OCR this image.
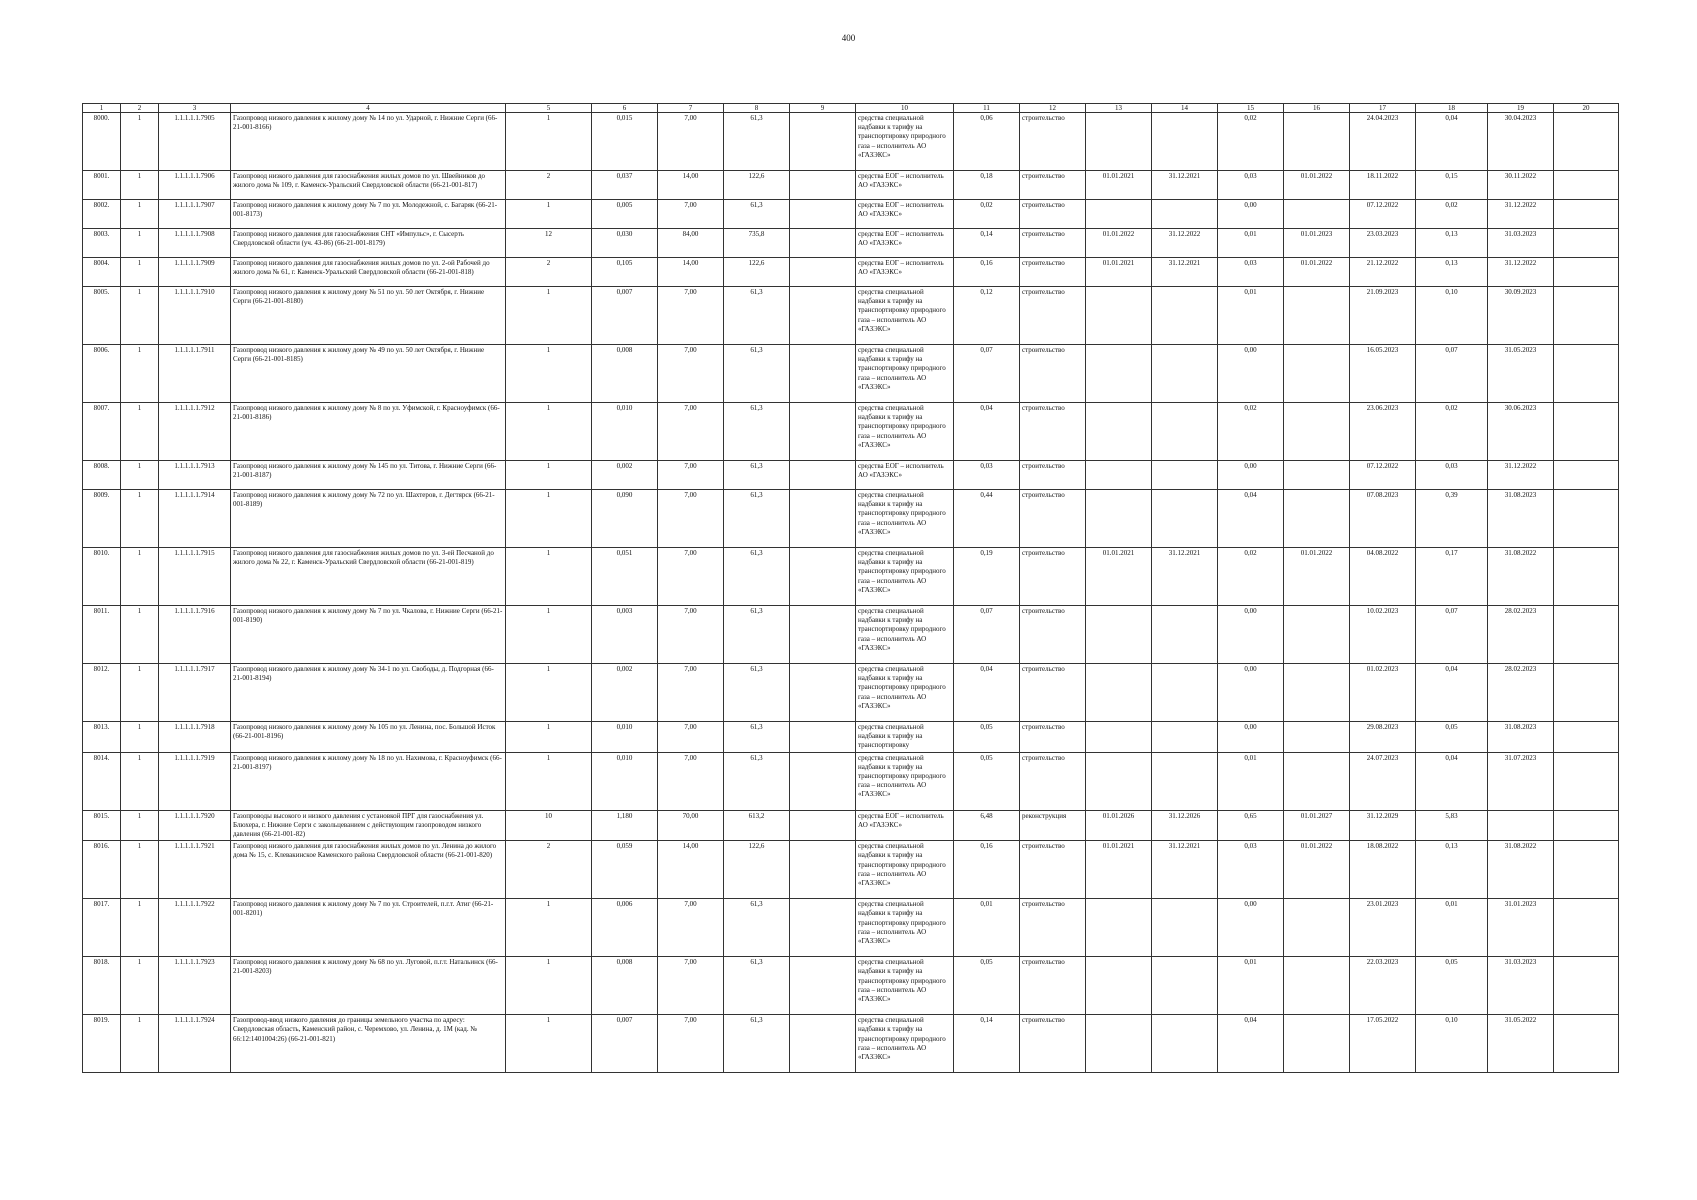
400
1	2	3	4	5	6	7	8	9	10	11	12	13	14	15	16	17	18	19	20
8000.	1	1.1.1.1.1.7905	Газопровод низкого давления к жилому дому № 14 по ул. Ударной, г. Нижние Серги (66-21-001-8166)	1	0,015	7,00	61,3		средства специальной надбавки к тарифу на транспортировку природного газа – исполнитель АО «ГАЗЭКС»	0,06	строительство			0,02		24.04.2023	0,04	30.04.2023	
8001.	1	1.1.1.1.1.7906	Газопровод низкого давления для газоснабжения жилых домов по ул. Швейников до жилого дома № 109, г. Каменск-Уральский Свердловской области (66-21-001-817)	2	0,037	14,00	122,6		средства ЕОГ – исполнитель АО «ГАЗЭКС»	0,18	строительство	01.01.2021	31.12.2021	0,03	01.01.2022	18.11.2022	0,15	30.11.2022	
8002.	1	1.1.1.1.1.7907	Газопровод низкого давления к жилому дому № 7 по ул. Молодежной, с. Багаряк (66-21-001-8173)	1	0,005	7,00	61,3		средства ЕОГ – исполнитель АО «ГАЗЭКС»	0,02	строительство			0,00		07.12.2022	0,02	31.12.2022	
8003.	1	1.1.1.1.1.7908	Газопровод низкого давления для газоснабжения СНТ «Импульс», г. Сысерть Свердловской области (уч. 43-86) (66-21-001-8179)	12	0,030	84,00	735,8		средства ЕОГ – исполнитель АО «ГАЗЭКС»	0,14	строительство	01.01.2022	31.12.2022	0,01	01.01.2023	23.03.2023	0,13	31.03.2023	
8004.	1	1.1.1.1.1.7909	Газопровод низкого давления для газоснабжения жилых домов по ул. 2-ой Рабочей до жилого дома № 61, г. Каменск-Уральский Свердловской области (66-21-001-818)	2	0,105	14,00	122,6		средства ЕОГ – исполнитель АО «ГАЗЭКС»	0,16	строительство	01.01.2021	31.12.2021	0,03	01.01.2022	21.12.2022	0,13	31.12.2022	
8005.	1	1.1.1.1.1.7910	Газопровод низкого давления к жилому дому № 51 по ул. 50 лет Октября, г. Нижние Серги (66-21-001-8180)	1	0,007	7,00	61,3		средства специальной надбавки к тарифу на транспортировку природного газа – исполнитель АО «ГАЗЭКС»	0,12	строительство			0,01		21.09.2023	0,10	30.09.2023	
8006.	1	1.1.1.1.1.7911	Газопровод низкого давления к жилому дому № 49 по ул. 50 лет Октября, г. Нижние Серги (66-21-001-8185)	1	0,008	7,00	61,3		средства специальной надбавки к тарифу на транспортировку природного газа – исполнитель АО «ГАЗЭКС»	0,07	строительство			0,00		16.05.2023	0,07	31.05.2023	
8007.	1	1.1.1.1.1.7912	Газопровод низкого давления к жилому дому № 8 по ул. Уфимской, г. Красноуфимск (66-21-001-8186)	1	0,010	7,00	61,3		средства специальной надбавки к тарифу на транспортировку природного газа – исполнитель АО «ГАЗЭКС»	0,04	строительство			0,02		23.06.2023	0,02	30.06.2023	
8008.	1	1.1.1.1.1.7913	Газопровод низкого давления к жилому дому № 145 по ул. Титова, г. Нижние Серги (66-21-001-8187)	1	0,002	7,00	61,3		средства ЕОГ – исполнитель АО «ГАЗЭКС»	0,03	строительство			0,00		07.12.2022	0,03	31.12.2022	
8009.	1	1.1.1.1.1.7914	Газопровод низкого давления к жилому дому № 72 по ул. Шахтеров, г. Дегтярск (66-21-001-8189)	1	0,090	7,00	61,3		средства специальной надбавки к тарифу на транспортировку природного газа – исполнитель АО «ГАЗЭКС»	0,44	строительство			0,04		07.08.2023	0,39	31.08.2023	
8010.	1	1.1.1.1.1.7915	Газопровод низкого давления для газоснабжения жилых домов по ул. 3-ей Песчаной до жилого дома № 22, г. Каменск-Уральский Свердловской области (66-21-001-819)	1	0,051	7,00	61,3		средства специальной надбавки к тарифу на транспортировку природного газа – исполнитель АО «ГАЗЭКС»	0,19	строительство	01.01.2021	31.12.2021	0,02	01.01.2022	04.08.2022	0,17	31.08.2022	
8011.	1	1.1.1.1.1.7916	Газопровод низкого давления к жилому дому № 7 по ул. Чкалова, г. Нижние Серги (66-21-001-8190)	1	0,003	7,00	61,3		средства специальной надбавки к тарифу на транспортировку природного газа – исполнитель АО «ГАЗЭКС»	0,07	строительство			0,00		10.02.2023	0,07	28.02.2023	
8012.	1	1.1.1.1.1.7917	Газопровод низкого давления к жилому дому № 34-1 по ул. Свободы, д. Подгорная (66-21-001-8194)	1	0,002	7,00	61,3		средства специальной надбавки к тарифу на транспортировку природного газа – исполнитель АО «ГАЗЭКС»	0,04	строительство			0,00		01.02.2023	0,04	28.02.2023	
8013.	1	1.1.1.1.1.7918	Газопровод низкого давления к жилому дому № 105 по ул. Ленина, пос. Большой Исток (66-21-001-8196)	1	0,010	7,00	61,3		средства специальной надбавки к тарифу на транспортировку	0,05	строительство			0,00		29.08.2023	0,05	31.08.2023	
8014.	1	1.1.1.1.1.7919	Газопровод низкого давления к жилому дому № 18 по ул. Нахимова, г. Красноуфимск (66-21-001-8197)	1	0,010	7,00	61,3		средства специальной надбавки к тарифу на транспортировку природного газа – исполнитель АО «ГАЗЭКС»	0,05	строительство			0,01		24.07.2023	0,04	31.07.2023	
8015.	1	1.1.1.1.1.7920	Газопроводы высокого и низкого давления с установкой ПРГ для газоснабжения ул. Блюхера, г. Нижние Серги с закольцеванием с действующим газопроводом низкого давления (66-21-001-82)	10	1,180	70,00	613,2		средства ЕОГ – исполнитель АО «ГАЗЭКС»	6,48	реконструкция	01.01.2026	31.12.2026	0,65	01.01.2027	31.12.2029	5,83		
8016.	1	1.1.1.1.1.7921	Газопровод низкого давления для газоснабжения жилых домов по ул. Ленина до жилого дома № 15, с. Клевакинское Каменского района Свердловской области (66-21-001-820)	2	0,059	14,00	122,6		средства специальной надбавки к тарифу на транспортировку природного газа – исполнитель АО «ГАЗЭКС»	0,16	строительство	01.01.2021	31.12.2021	0,03	01.01.2022	18.08.2022	0,13	31.08.2022	
8017.	1	1.1.1.1.1.7922	Газопровод низкого давления к жилому дому № 7 по ул. Строителей, п.г.т. Атиг (66-21-001-8201)	1	0,006	7,00	61,3		средства специальной надбавки к тарифу на транспортировку природного газа – исполнитель АО «ГАЗЭКС»	0,01	строительство			0,00		23.01.2023	0,01	31.01.2023	
8018.	1	1.1.1.1.1.7923	Газопровод низкого давления к жилому дому № 68 по ул. Луговой, п.г.т. Натальинск (66-21-001-8203)	1	0,008	7,00	61,3		средства специальной надбавки к тарифу на транспортировку природного газа – исполнитель АО «ГАЗЭКС»	0,05	строительство			0,01		22.03.2023	0,05	31.03.2023	
8019.	1	1.1.1.1.1.7924	Газопровод-ввод низкого давления до границы земельного участка по адресу: Свердловская область, Каменский район, с. Черемхово, ул. Ленина, д. 1М (кад. № 66:12:1401004:26) (66-21-001-821)	1	0,007	7,00	61,3		средства специальной надбавки к тарифу на транспортировку природного газа – исполнитель АО «ГАЗЭКС»	0,14	строительство			0,04		17.05.2022	0,10	31.05.2022	
